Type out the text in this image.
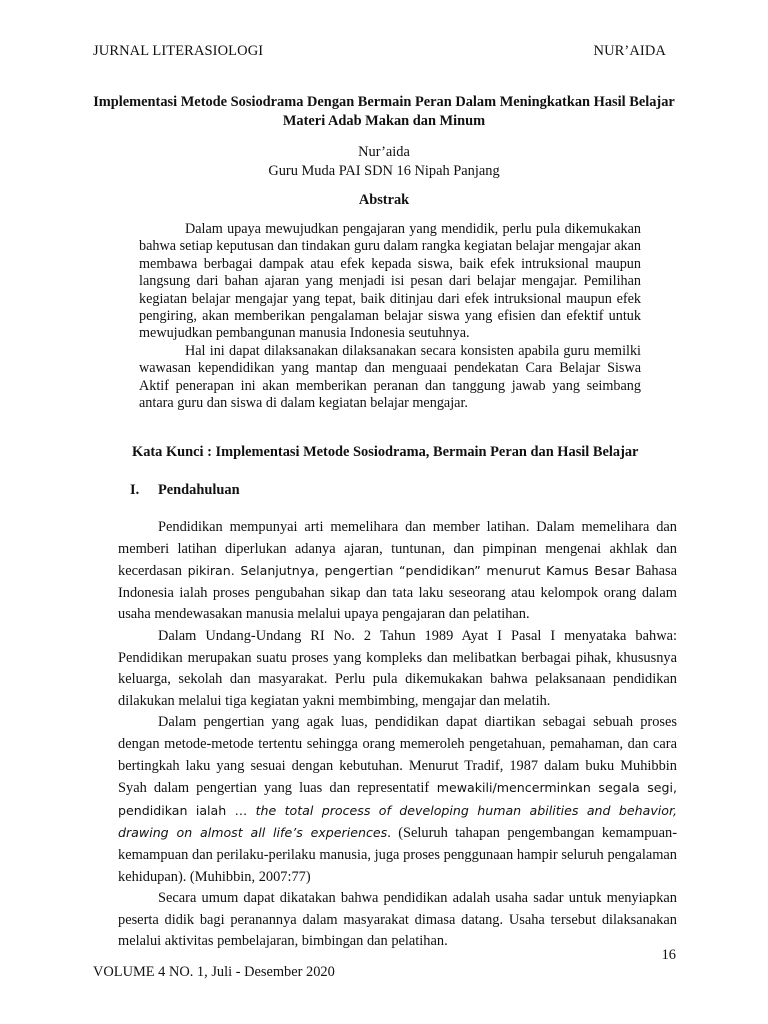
JURNAL LITERASIOLOGI	NUR’AIDA
Implementasi Metode Sosiodrama Dengan Bermain Peran Dalam Meningkatkan Hasil Belajar Materi Adab Makan dan Minum
Nur’aida
Guru Muda PAI SDN 16 Nipah Panjang
Abstrak

Dalam upaya mewujudkan pengajaran yang mendidik, perlu pula dikemukakan bahwa setiap keputusan dan tindakan guru dalam rangka kegiatan belajar mengajar akan membawa berbagai dampak atau efek kepada siswa, baik efek intruksional maupun langsung dari bahan ajaran yang menjadi isi pesan dari belajar mengajar. Pemilihan kegiatan belajar mengajar yang tepat, baik ditinjau dari efek intruksional maupun efek pengiring, akan memberikan pengalaman belajar siswa yang efisien dan efektif untuk mewujudkan pembangunan manusia Indonesia seutuhnya.

Hal ini dapat dilaksanakan dilaksanakan secara konsisten apabila guru memilki wawasan kependidikan yang mantap dan menguaai pendekatan Cara Belajar Siswa Aktif penerapan ini akan memberikan peranan dan tanggung jawab yang seimbang antara guru dan siswa di dalam kegiatan belajar mengajar.

Kata Kunci : Implementasi Metode Sosiodrama, Bermain Peran dan Hasil Belajar
I. Pendahuluan

Pendidikan mempunyai arti memelihara dan member latihan. Dalam memelihara dan memberi latihan diperlukan adanya ajaran, tuntunan, dan pimpinan mengenai akhlak dan kecerdasan pikiran. Selanjutnya, pengertian “pendidikan” menurut Kamus Besar Bahasa Indonesia ialah proses pengubahan sikap dan tata laku seseorang atau kelompok orang dalam usaha mendewasakan manusia melalui upaya pengajaran dan pelatihan.

Dalam Undang-Undang RI No. 2 Tahun 1989 Ayat I Pasal I menyataka bahwa: Pendidikan merupakan suatu proses yang kompleks dan melibatkan berbagai pihak, khususnya keluarga, sekolah dan masyarakat. Perlu pula dikemukakan bahwa pelaksanaan pendidikan dilakukan melalui tiga kegiatan yakni membimbing, mengajar dan melatih.

Dalam pengertian yang agak luas, pendidikan dapat diartikan sebagai sebuah proses dengan metode-metode tertentu sehingga orang memeroleh pengetahuan, pemahaman, dan cara bertingkah laku yang sesuai dengan kebutuhan. Menurut Tradif, 1987 dalam buku Muhibbin Syah dalam pengertian yang luas dan representatif mewakili/mencerminkan segala segi, pendidikan ialah … the total process of developing human abilities and behavior, drawing on almost all life’s experiences. (Seluruh tahapan pengembangan kemampuan-kemampuan dan perilaku-perilaku manusia, juga proses penggunaan hampir seluruh pengalaman kehidupan). (Muhibbin, 2007:77)

Secara umum dapat dikatakan bahwa pendidikan adalah usaha sadar untuk menyiapkan peserta didik bagi peranannya dalam masyarakat dimasa datang. Usaha tersebut dilaksanakan melalui aktivitas pembelajaran, bimbingan dan pelatihan.

16
VOLUME 4 NO. 1, Juli - Desember 2020
